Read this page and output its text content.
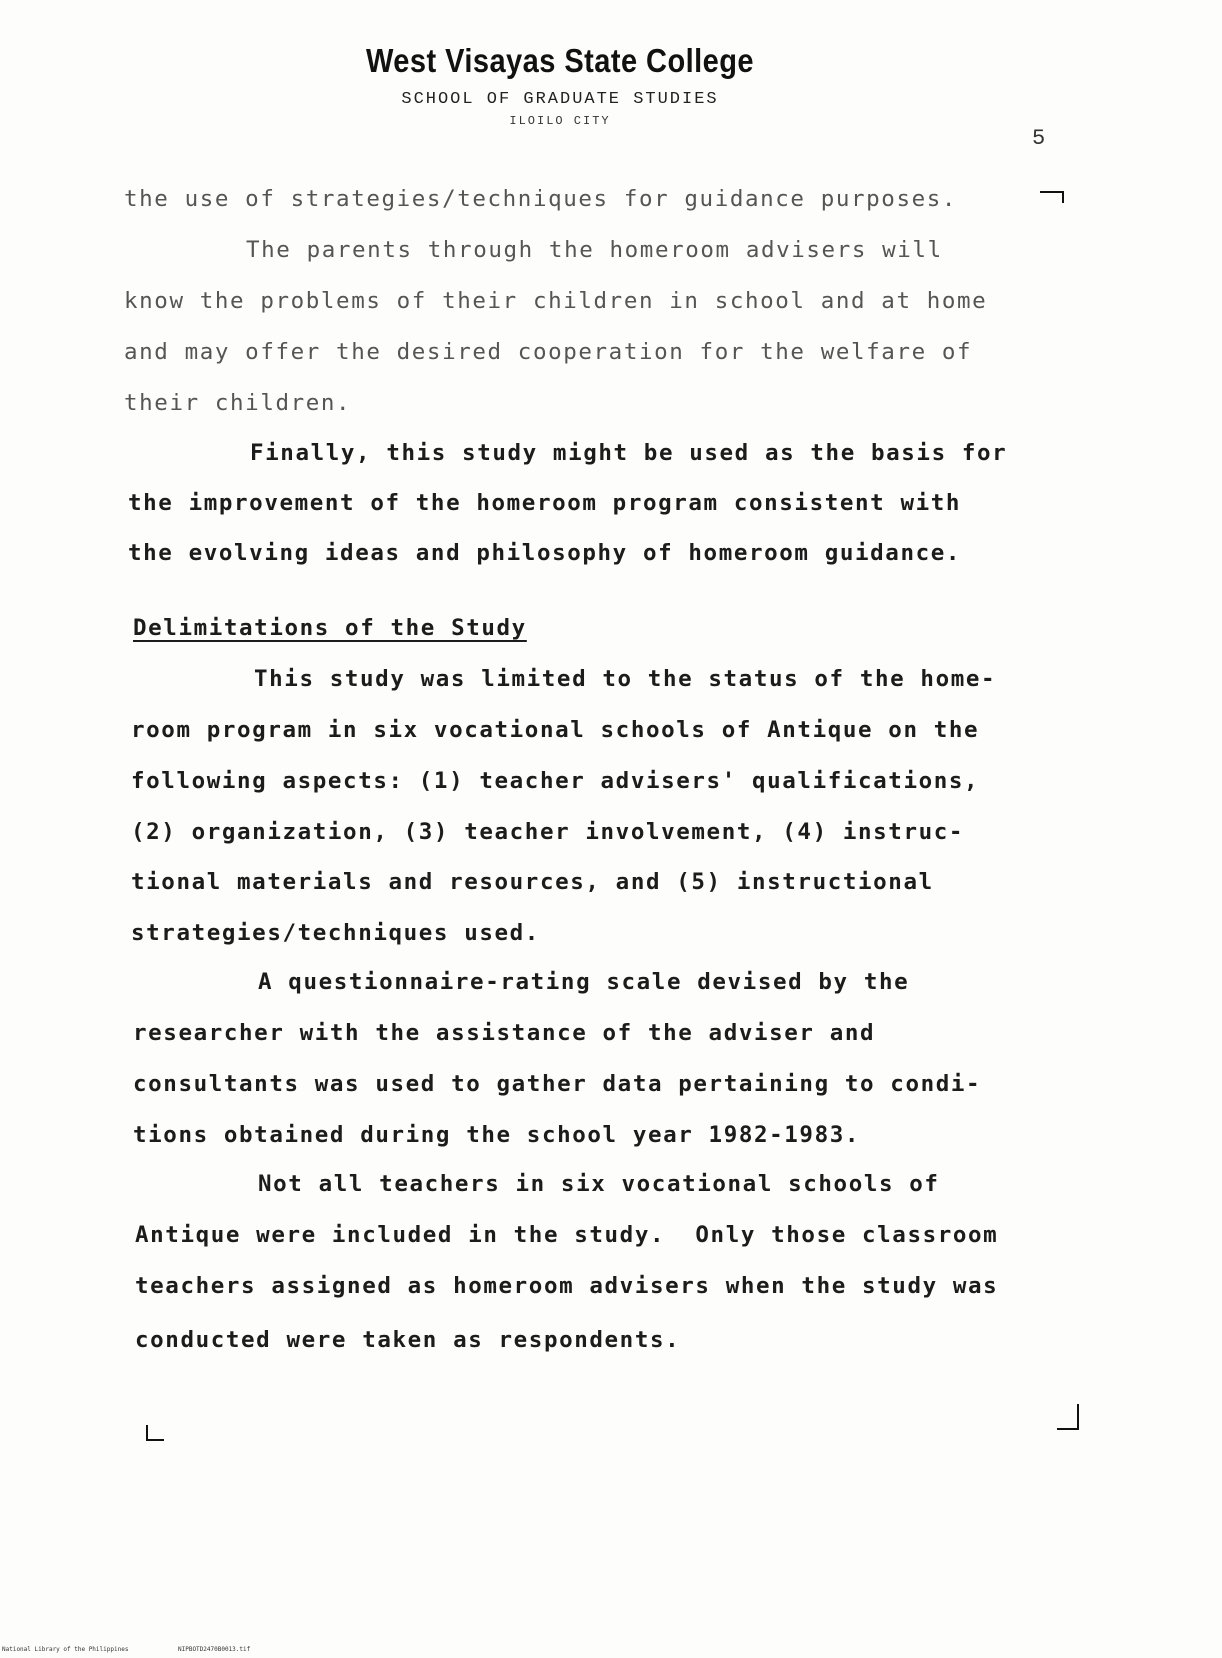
West Visayas State College
SCHOOL OF GRADUATE STUDIES
ILOILO CITY
5
the use of strategies/techniques for guidance purposes.
The parents through the homeroom advisers will
know the problems of their children in school and at home
and may offer the desired cooperation for the welfare of
their children.
Finally, this study might be used as the basis for
the improvement of the homeroom program consistent with
the evolving ideas and philosophy of homeroom guidance.
Delimitations of the Study
This study was limited to the status of the home-
room program in six vocational schools of Antique on the
following aspects: (1) teacher advisers' qualifications,
(2) organization, (3) teacher involvement, (4) instruc-
tional materials and resources, and (5) instructional
strategies/techniques used.
A questionnaire-rating scale devised by the
researcher with the assistance of the adviser and
consultants was used to gather data pertaining to condi-
tions obtained during the school year 1982-1983.
Not all teachers in six vocational schools of
Antique were included in the study.  Only those classroom
teachers assigned as homeroom advisers when the study was
conducted were taken as respondents.
National Library of the Philippines	NIPBOTD2470B0013.tif
